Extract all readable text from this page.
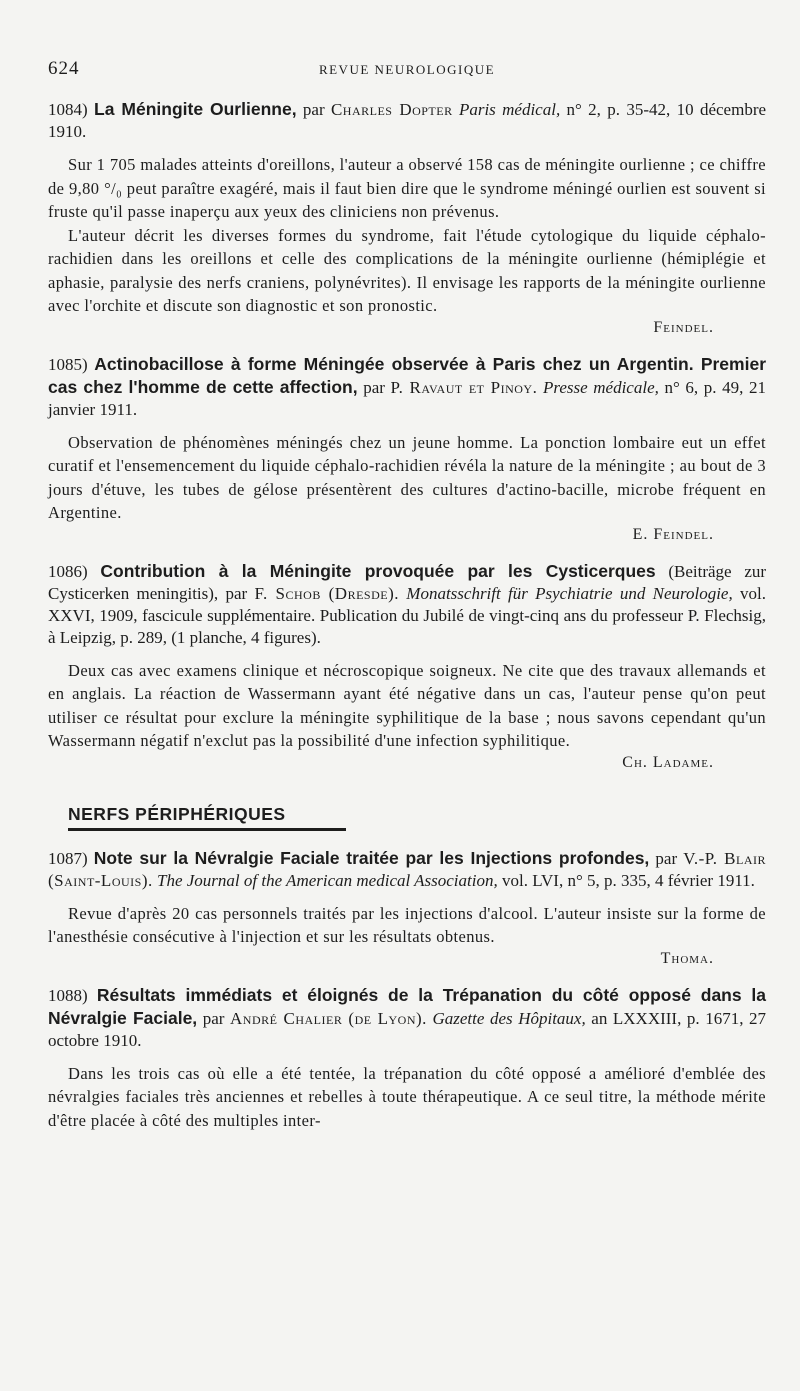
624	REVUE NEUROLOGIQUE
1084) La Méningite Ourlienne, par Charles Dopter Paris médical, n° 2, p. 35-42, 10 décembre 1910.

Sur 1 705 malades atteints d'oreillons, l'auteur a observé 158 cas de méningite ourlienne ; ce chiffre de 9,80 °/₀ peut paraître exagéré, mais il faut bien dire que le syndrome méningé ourlien est souvent si fruste qu'il passe inaperçu aux yeux des cliniciens non prévenus.

L'auteur décrit les diverses formes du syndrome, fait l'étude cytologique du liquide céphalo-rachidien dans les oreillons et celle des complications de la méningite ourlienne (hémiplégie et aphasie, paralysie des nerfs craniens, polynévrites). Il envisage les rapports de la méningite ourlienne avec l'orchite et discute son diagnostic et son pronostic.

Feindel.
1085) Actinobacillose à forme Méningée observée à Paris chez un Argentin. Premier cas chez l'homme de cette affection, par P. Ravaut et Pinoy. Presse médicale, n° 6, p. 49, 21 janvier 1911.

Observation de phénomènes méningés chez un jeune homme. La ponction lombaire eut un effet curatif et l'ensemencement du liquide céphalo-rachidien révéla la nature de la méningite ; au bout de 3 jours d'étuve, les tubes de gélose présentèrent des cultures d'actino-bacille, microbe fréquent en Argentine.

E. Feindel.
1086) Contribution à la Méningite provoquée par les Cysticerques (Beiträge zur Cysticerken meningitis), par F. Schob (Dresde). Monatsschrift für Psychiatrie und Neurologie, vol. XXVI, 1909, fascicule supplémentaire. Publication du Jubilé de vingt-cinq ans du professeur P. Flechsig, à Leipzig, p. 289, (1 planche, 4 figures).

Deux cas avec examens clinique et nécroscopique soigneux. Ne cite que des travaux allemands et en anglais. La réaction de Wassermann ayant été négative dans un cas, l'auteur pense qu'on peut utiliser ce résultat pour exclure la méningite syphilitique de la base ; nous savons cependant qu'un Wassermann négatif n'exclut pas la possibilité d'une infection syphilitique.

Ch. Ladame.
NERFS PÉRIPHÉRIQUES
1087) Note sur la Névralgie Faciale traitée par les Injections profondes, par V.-P. Blair (Saint-Louis). The Journal of the American medical Association, vol. LVI, n° 5, p. 335, 4 février 1911.

Revue d'après 20 cas personnels traités par les injections d'alcool. L'auteur insiste sur la forme de l'anesthésie consécutive à l'injection et sur les résultats obtenus.

Thoma.
1088) Résultats immédiats et éloignés de la Trépanation du côté opposé dans la Névralgie Faciale, par André Chalier (de Lyon). Gazette des Hôpitaux, an LXXXIII, p. 1671, 27 octobre 1910.

Dans les trois cas où elle a été tentée, la trépanation du côté opposé a amélioré d'emblée des névralgies faciales très anciennes et rebelles à toute thérapeutique. A ce seul titre, la méthode mérite d'être placée à côté des multiples inter-
